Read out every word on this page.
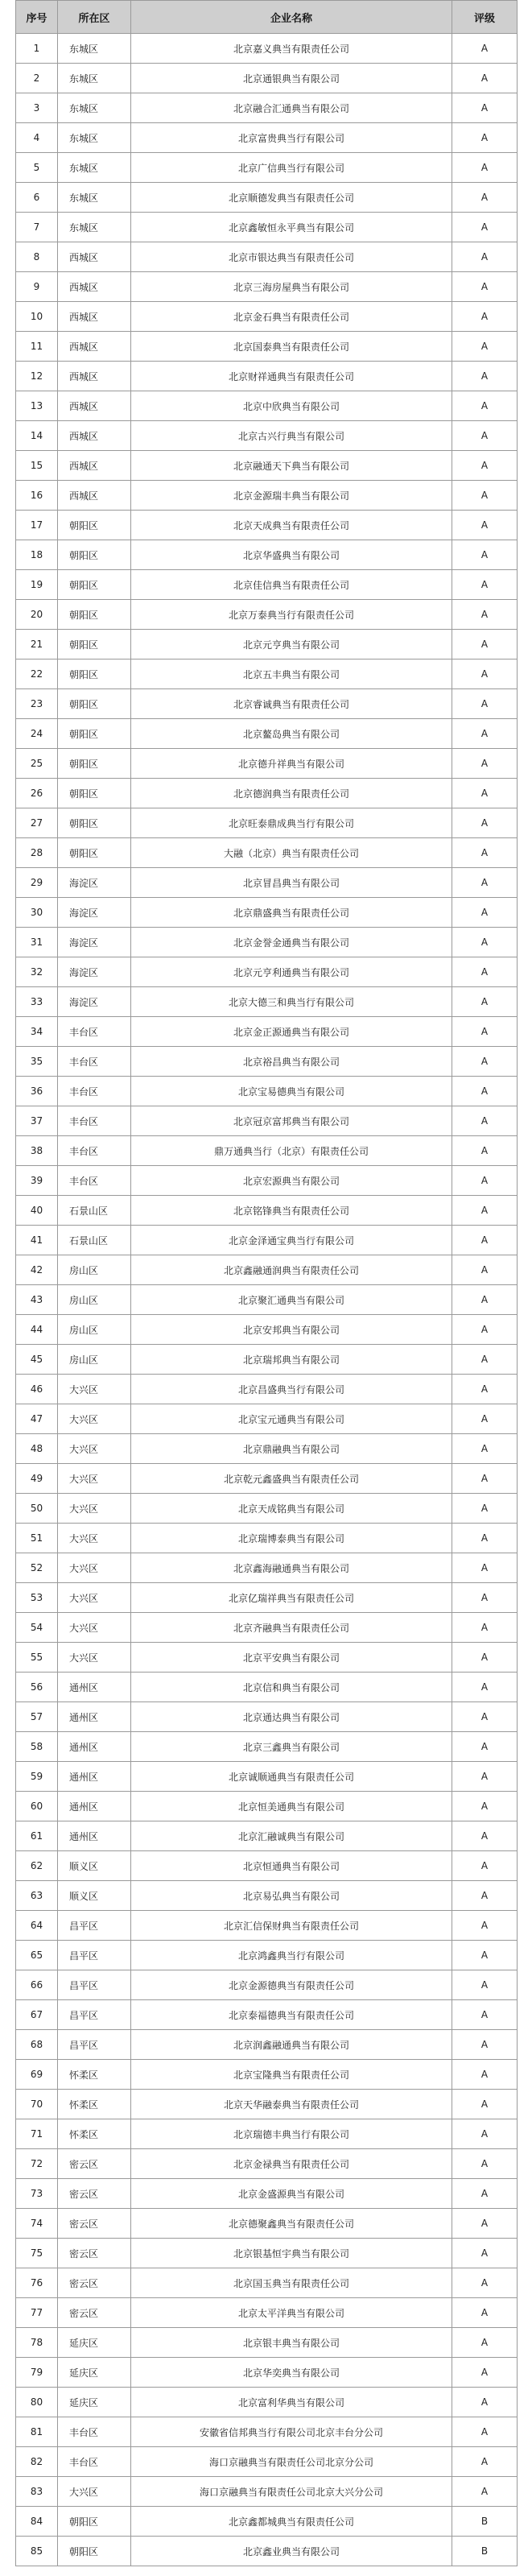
序号	所在区	企业名称	评级
1	东城区	北京嘉义典当有限责任公司	A
2	东城区	北京通银典当有限公司	A
3	东城区	北京融合汇通典当有限公司	A
4	东城区	北京富贵典当行有限公司	A
5	东城区	北京广信典当行有限公司	A
6	东城区	北京顺德发典当有限责任公司	A
7	东城区	北京鑫敏恒永平典当有限公司	A
8	西城区	北京市银达典当有限责任公司	A
9	西城区	北京三海房屋典当有限公司	A
10	西城区	北京金石典当有限责任公司	A
11	西城区	北京国泰典当有限责任公司	A
12	西城区	北京财祥通典当有限责任公司	A
13	西城区	北京中欣典当有限公司	A
14	西城区	北京古兴行典当有限公司	A
15	西城区	北京融通天下典当有限公司	A
16	西城区	北京金源瑞丰典当有限公司	A
17	朝阳区	北京天成典当有限责任公司	A
18	朝阳区	北京华盛典当有限公司	A
19	朝阳区	北京佳信典当有限责任公司	A
20	朝阳区	北京万泰典当行有限责任公司	A
21	朝阳区	北京元亨典当有限公司	A
22	朝阳区	北京五丰典当有限公司	A
23	朝阳区	北京睿诚典当有限责任公司	A
24	朝阳区	北京鳌岛典当有限公司	A
25	朝阳区	北京德升祥典当有限公司	A
26	朝阳区	北京德润典当有限责任公司	A
27	朝阳区	北京旺泰鼎成典当行有限公司	A
28	朝阳区	大融（北京）典当有限责任公司	A
29	海淀区	北京冒昌典当有限公司	A
30	海淀区	北京鼎盛典当有限责任公司	A
31	海淀区	北京金誉金通典当有限公司	A
32	海淀区	北京元亨利通典当有限公司	A
33	海淀区	北京大德三和典当行有限公司	A
34	丰台区	北京金正源通典当有限公司	A
35	丰台区	北京裕昌典当有限公司	A
36	丰台区	北京宝易德典当有限公司	A
37	丰台区	北京冠京富邦典当有限公司	A
38	丰台区	鼎万通典当行（北京）有限责任公司	A
39	丰台区	北京宏源典当有限公司	A
40	石景山区	北京铭锋典当有限责任公司	A
41	石景山区	北京金泽通宝典当行有限公司	A
42	房山区	北京鑫融通润典当有限责任公司	A
43	房山区	北京聚汇通典当有限公司	A
44	房山区	北京安邦典当有限公司	A
45	房山区	北京瑞邦典当有限公司	A
46	大兴区	北京昌盛典当行有限公司	A
47	大兴区	北京宝元通典当有限公司	A
48	大兴区	北京鼎融典当有限公司	A
49	大兴区	北京乾元鑫盛典当有限责任公司	A
50	大兴区	北京天成铭典当有限公司	A
51	大兴区	北京瑞博泰典当有限公司	A
52	大兴区	北京鑫海融通典当有限公司	A
53	大兴区	北京亿瑞祥典当有限责任公司	A
54	大兴区	北京齐融典当有限责任公司	A
55	大兴区	北京平安典当有限公司	A
56	通州区	北京信和典当有限公司	A
57	通州区	北京通达典当有限公司	A
58	通州区	北京三鑫典当有限公司	A
59	通州区	北京诚顺通典当有限责任公司	A
60	通州区	北京恒美通典当有限公司	A
61	通州区	北京汇融诚典当有限公司	A
62	顺义区	北京恒通典当有限公司	A
63	顺义区	北京易弘典当有限公司	A
64	昌平区	北京汇信保财典当有限责任公司	A
65	昌平区	北京鸿鑫典当行有限公司	A
66	昌平区	北京金源德典当有限责任公司	A
67	昌平区	北京泰福德典当有限责任公司	A
68	昌平区	北京润鑫融通典当有限公司	A
69	怀柔区	北京宝隆典当有限责任公司	A
70	怀柔区	北京天华融泰典当有限责任公司	A
71	怀柔区	北京瑞德丰典当行有限公司	A
72	密云区	北京金禄典当有限责任公司	A
73	密云区	北京金盛源典当有限公司	A
74	密云区	北京德聚鑫典当有限责任公司	A
75	密云区	北京银基恒宇典当有限公司	A
76	密云区	北京国玉典当有限责任公司	A
77	密云区	北京太平洋典当有限公司	A
78	延庆区	北京银丰典当有限公司	A
79	延庆区	北京华奕典当有限公司	A
80	延庆区	北京富利华典当有限公司	A
81	丰台区	安徽省信邦典当行有限公司北京丰台分公司	A
82	丰台区	海口京融典当有限责任公司北京分公司	A
83	大兴区	海口京融典当有限责任公司北京大兴分公司	A
84	朝阳区	北京鑫都城典当有限责任公司	B
85	朝阳区	北京鑫业典当有限公司	B
